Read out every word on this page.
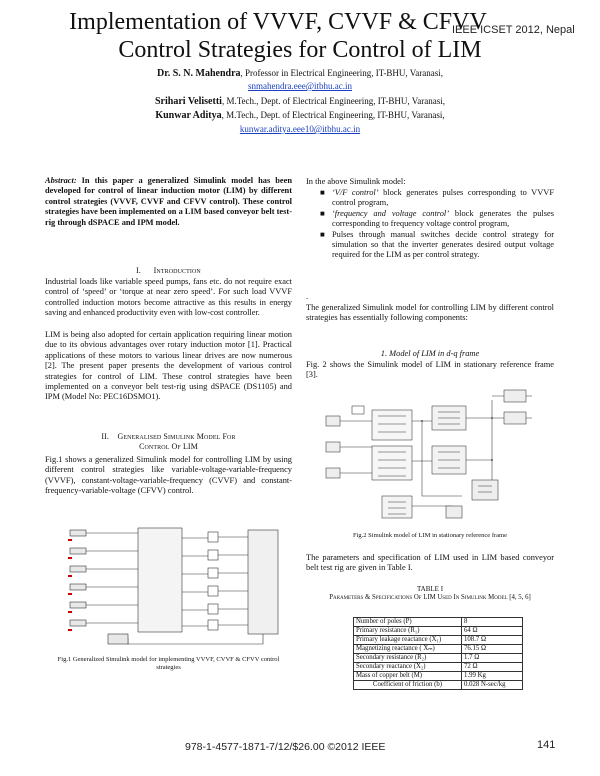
IEEE ICSET 2012, Nepal
Implementation of VVVF, CVVF & CFVV
Control Strategies for Control of LIM
Dr. S. N. Mahendra, Professor in Electrical Engineering, IT-BHU, Varanasi,
snmahendra.eee@itbhu.ac.in
Srihari Velisetti, M.Tech., Dept. of Electrical Engineering, IT-BHU, Varanasi,
Kunwar Aditya, M.Tech., Dept. of Electrical Engineering, IT-BHU, Varanasi,
kunwar.aditya.eee10@itbhu.ac.in
Abstract: In this paper a generalized Simulink model has been developed for control of linear induction motor (LIM) by different control strategies (VVVF, CVVF and CFVV control). These control strategies have been implemented on a LIM based conveyor belt test-rig through dSPACE and IPM model.
I. Introduction
Industrial loads like variable speed pumps, fans etc. do not require exact control of ‘speed’ or ‘torque at near zero speed’. For such load VVVF controlled induction motors become attractive as this results in energy saving and enhanced productivity even with low-cost controller.
LIM is being also adopted for certain application requiring linear motion due to its obvious advantages over rotary induction motor [1]. Practical applications of these motors to various linear drives are now numerous [2]. The present paper presents the development of various control strategies for control of LIM. These control strategies have been implemented on a conveyor belt test-rig using dSPACE (DS1105) and IPM (Model No: PEC16DSMO1).
II. Generalised Simulink Model For
Control Of LIM
Fig.1 shows a generalized Simulink model for controlling LIM by using different control strategies like variable-voltage-variable-frequency (VVVF), constant-voltage-variable-frequency (CVVF) and constant-frequency-variable-voltage (CFVV) control.
Fig.1 Generalized Simulink model for implementing VVVF, CVVF & CFVV control strategies
In the above Simulink model:
■ ‘V/F control’ block generates pulses corresponding to VVVF control program,
■ ‘frequency and voltage control’ block generates the pulses corresponding to frequency voltage control program,
■ Pulses through manual switches decide control strategy for simulation so that the inverter generates desired output voltage required for the LIM as per control strategy.
.
The generalized Simulink model for controlling LIM by different control strategies has essentially following components:
1. Model of LIM in d-q frame
Fig. 2 shows the Simulink model of LIM in stationary reference frame [3].
Fig.2 Simulink model of LIM in stationary reference frame
The parameters and specification of LIM used in LIM based conveyor belt test rig are given in Table I.
TABLE I
Parameters & Specifications Of LIM Used In Simulink Model [4, 5, 6]
Number of poles (P)	8
Primary resistance (R₁)	64 Ω
Primary leakage reactance (X₁)	108.7 Ω
Magnetizing reactance ( Xₘ)	76.15 Ω
Secondary resistance (R₂)	1.7 Ω
Secondary reactance (X₂)	72 Ω
Mass of copper belt (M)	1.99 Kg
Coefficient of friction (b)	0.028 N-sec/kg
978-1-4577-1871-7/12/$26.00 ©2012 IEEE	141
